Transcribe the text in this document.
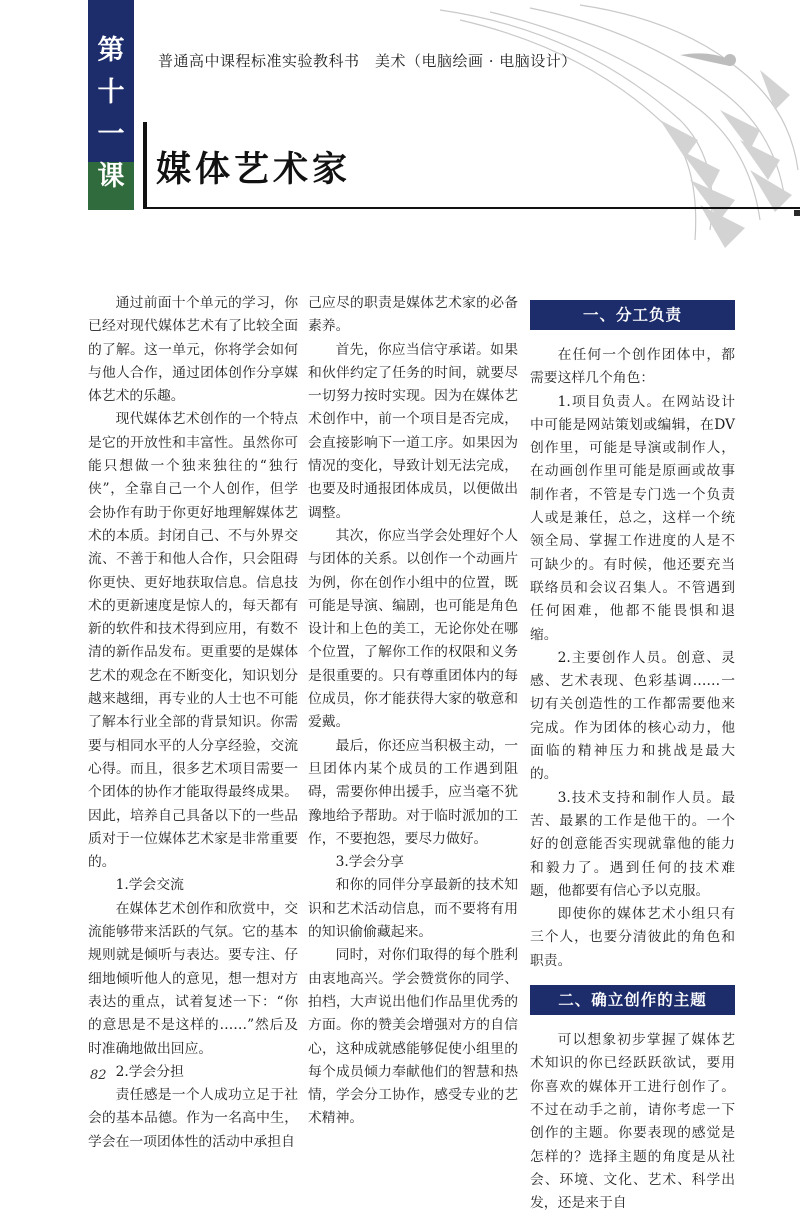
第
十
一
课
普通高中课程标准实验教科书　美术（电脑绘画 · 电脑设计）
媒体艺术家

通过前面十个单元的学习，你已经对现代媒体艺术有了比较全面的了解。这一单元，你将学会如何与他人合作，通过团体创作分享媒体艺术的乐趣。

现代媒体艺术创作的一个特点是它的开放性和丰富性。虽然你可能只想做一个独来独往的“独行侠”，全靠自己一个人创作，但学会协作有助于你更好地理解媒体艺术的本质。封闭自己、不与外界交流、不善于和他人合作，只会阻碍你更快、更好地获取信息。信息技术的更新速度是惊人的，每天都有新的软件和技术得到应用，有数不清的新作品发布。更重要的是媒体艺术的观念在不断变化，知识划分越来越细，再专业的人士也不可能了解本行业全部的背景知识。你需要与相同水平的人分享经验，交流心得。而且，很多艺术项目需要一个团体的协作才能取得最终成果。因此，培养自己具备以下的一些品质对于一位媒体艺术家是非常重要的。

1.学会交流

在媒体艺术创作和欣赏中，交流能够带来活跃的气氛。它的基本规则就是倾听与表达。要专注、仔细地倾听他人的意见，想一想对方表达的重点，试着复述一下：“你的意思是不是这样的……”然后及时准确地做出回应。

2.学会分担

责任感是一个人成功立足于社会的基本品德。作为一名高中生，学会在一项团体性的活动中承担自

己应尽的职责是媒体艺术家的必备素养。

首先，你应当信守承诺。如果和伙伴约定了任务的时间，就要尽一切努力按时实现。因为在媒体艺术创作中，前一个项目是否完成，会直接影响下一道工序。如果因为情况的变化，导致计划无法完成，也要及时通报团体成员，以便做出调整。

其次，你应当学会处理好个人与团体的关系。以创作一个动画片为例，你在创作小组中的位置，既可能是导演、编剧，也可能是角色设计和上色的美工，无论你处在哪个位置，了解你工作的权限和义务是很重要的。只有尊重团体内的每位成员，你才能获得大家的敬意和爱戴。

最后，你还应当积极主动，一旦团体内某个成员的工作遇到阻碍，需要你伸出援手，应当毫不犹豫地给予帮助。对于临时派加的工作，不要抱怨，要尽力做好。

3.学会分享

和你的同伴分享最新的技术知识和艺术活动信息，而不要将有用的知识偷偷藏起来。

同时，对你们取得的每个胜利由衷地高兴。学会赞赏你的同学、拍档，大声说出他们作品里优秀的方面。你的赞美会增强对方的自信心，这种成就感能够促使小组里的每个成员倾力奉献他们的智慧和热情，学会分工协作，感受专业的艺术精神。

一、分工负责

在任何一个创作团体中，都需要这样几个角色：

1.项目负责人。在网站设计中可能是网站策划或编辑，在DV创作里，可能是导演或制作人，在动画创作里可能是原画或故事制作者，不管是专门选一个负责人或是兼任，总之，这样一个统领全局、掌握工作进度的人是不可缺少的。有时候，他还要充当联络员和会议召集人。不管遇到任何困难，他都不能畏惧和退缩。

2.主要创作人员。创意、灵感、艺术表现、色彩基调……一切有关创造性的工作都需要他来完成。作为团体的核心动力，他面临的精神压力和挑战是最大的。

3.技术支持和制作人员。最苦、最累的工作是他干的。一个好的创意能否实现就靠他的能力和毅力了。遇到任何的技术难题，他都要有信心予以克服。

即使你的媒体艺术小组只有三个人，也要分清彼此的角色和职责。

二、确立创作的主题

可以想象初步掌握了媒体艺术知识的你已经跃跃欲试，要用你喜欢的媒体开工进行创作了。不过在动手之前，请你考虑一下创作的主题。你要表现的感觉是怎样的？选择主题的角度是从社会、环境、文化、艺术、科学出发，还是来于自

82
